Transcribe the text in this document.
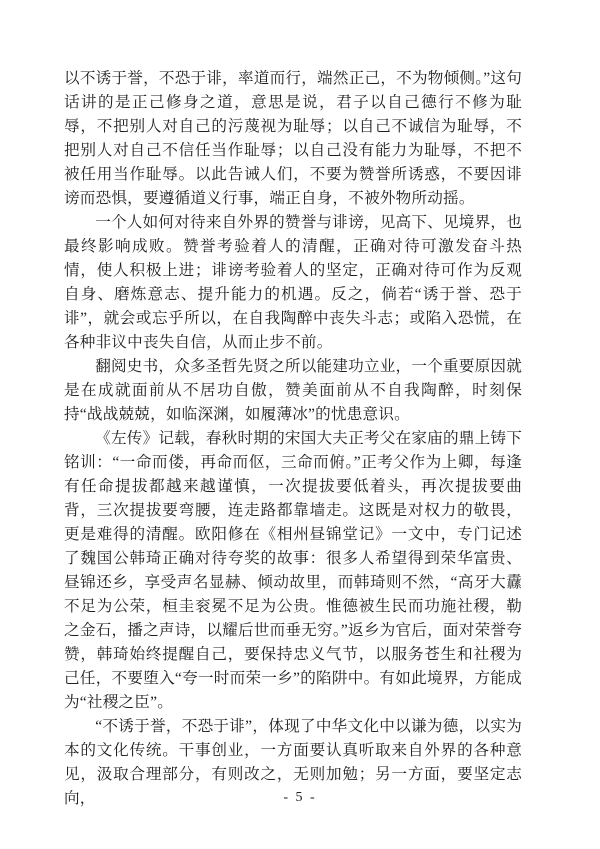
以不诱于誉，不恐于诽，率道而行，端然正己，不为物倾侧。”这句话讲的是正己修身之道，意思是说，君子以自己德行不修为耻辱，不把别人对自己的污蔑视为耻辱；以自己不诚信为耻辱，不把别人对自己不信任当作耻辱；以自己没有能力为耻辱，不把不被任用当作耻辱。以此告诫人们，不要为赞誉所诱惑，不要因诽谤而恐惧，要遵循道义行事，端正自身，不被外物所动摇。

一个人如何对待来自外界的赞誉与诽谤，见高下、见境界，也最终影响成败。赞誉考验着人的清醒，正确对待可激发奋斗热情，使人积极上进；诽谤考验着人的坚定，正确对待可作为反观自身、磨炼意志、提升能力的机遇。反之，倘若“诱于誉、恐于诽”，就会或忘乎所以，在自我陶醉中丧失斗志；或陷入恐慌，在各种非议中丧失自信，从而止步不前。

翻阅史书，众多圣哲先贤之所以能建功立业，一个重要原因就是在成就面前从不居功自傲，赞美面前从不自我陶醉，时刻保持“战战兢兢，如临深渊，如履薄冰”的忧患意识。

《左传》记载，春秋时期的宋国大夫正考父在家庙的鼎上铸下铭训：“一命而偻，再命而伛，三命而俯。”正考父作为上卿，每逢有任命提拔都越来越谨慎，一次提拔要低着头，再次提拔要曲背，三次提拔要弯腰，连走路都靠墙走。这既是对权力的敬畏，更是难得的清醒。欧阳修在《相州昼锦堂记》一文中，专门记述了魏国公韩琦正确对待夸奖的故事：很多人希望得到荣华富贵、昼锦还乡，享受声名显赫、倾动故里，而韩琦则不然，“高牙大纛不足为公荣，桓圭衮冕不足为公贵。惟德被生民而功施社稷，勒之金石，播之声诗，以耀后世而垂无穷。”返乡为官后，面对荣誉夸赞，韩琦始终提醒自己，要保持忠义气节，以服务苍生和社稷为己任，不要堕入“夸一时而荣一乡”的陷阱中。有如此境界，方能成为“社稷之臣”。

“不诱于誉，不恐于诽”，体现了中华文化中以谦为德，以实为本的文化传统。干事创业，一方面要认真听取来自外界的各种意见，汲取合理部分，有则改之，无则加勉；另一方面，要坚定志向，	- 5 -
